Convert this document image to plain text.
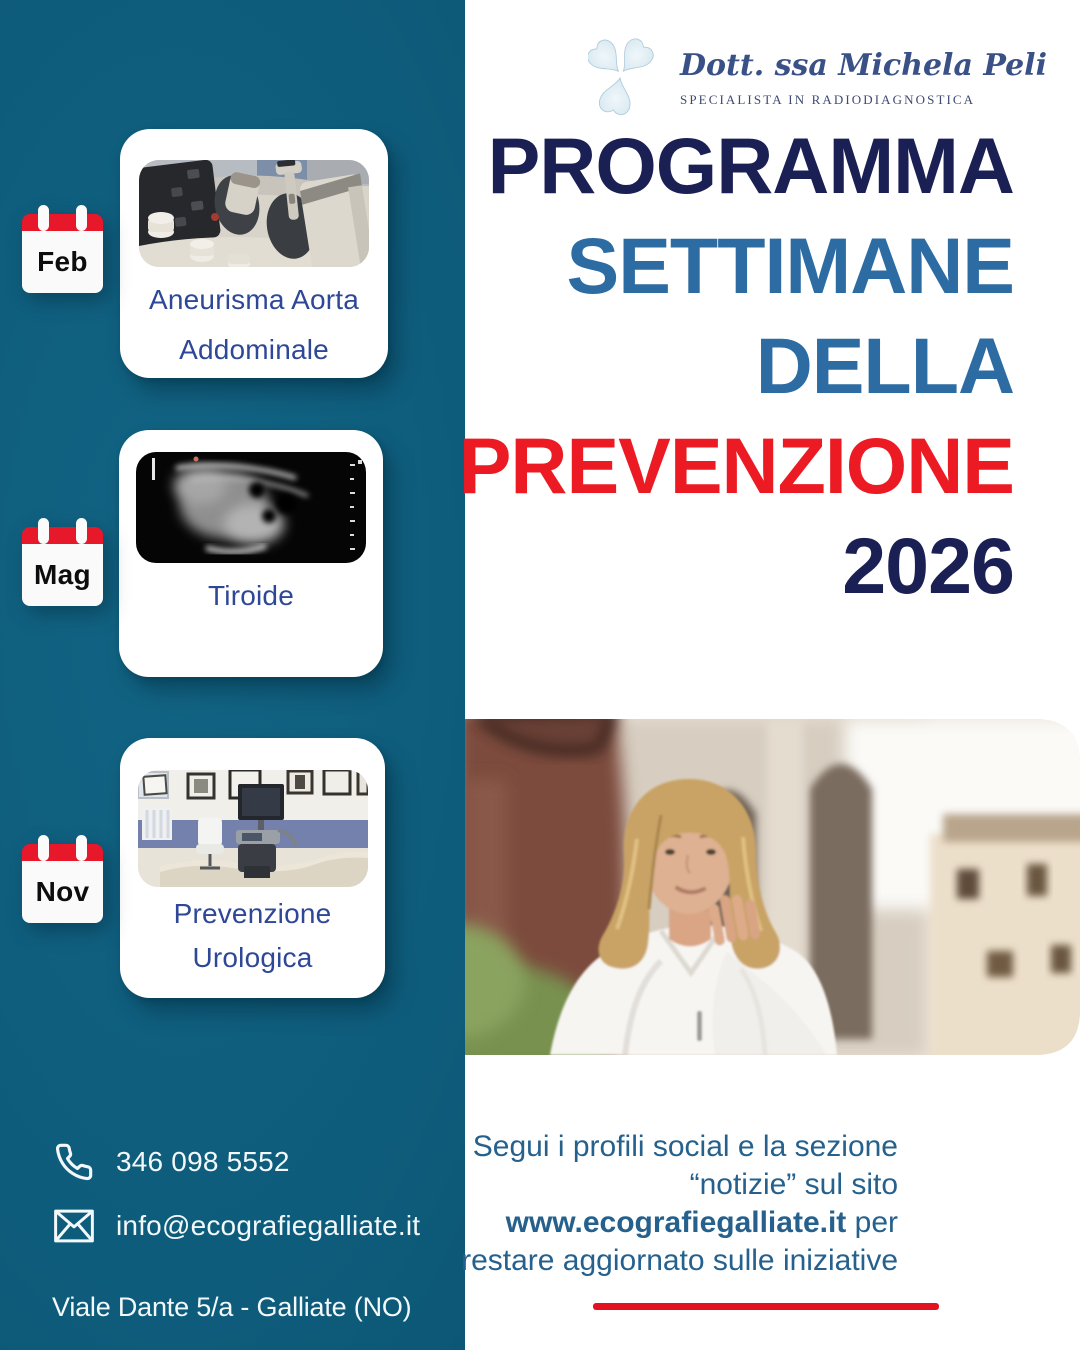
Aneurisma Aorta
Addominale
Tiroide
Prevenzione
Urologica
Feb
Mag
Nov
346 098 5552
info@ecografiegalliate.it
Viale Dante 5/a - Galliate (NO)
Dott. ssa Michela Peli
SPECIALISTA IN RADIODIAGNOSTICA
PROGRAMMA
SETTIMANE
DELLA
PREVENZIONE
2026
Segui i profili social e la sezione
“notizie” sul sito
www.ecografiegalliate.it per
restare aggiornato sulle iniziative
